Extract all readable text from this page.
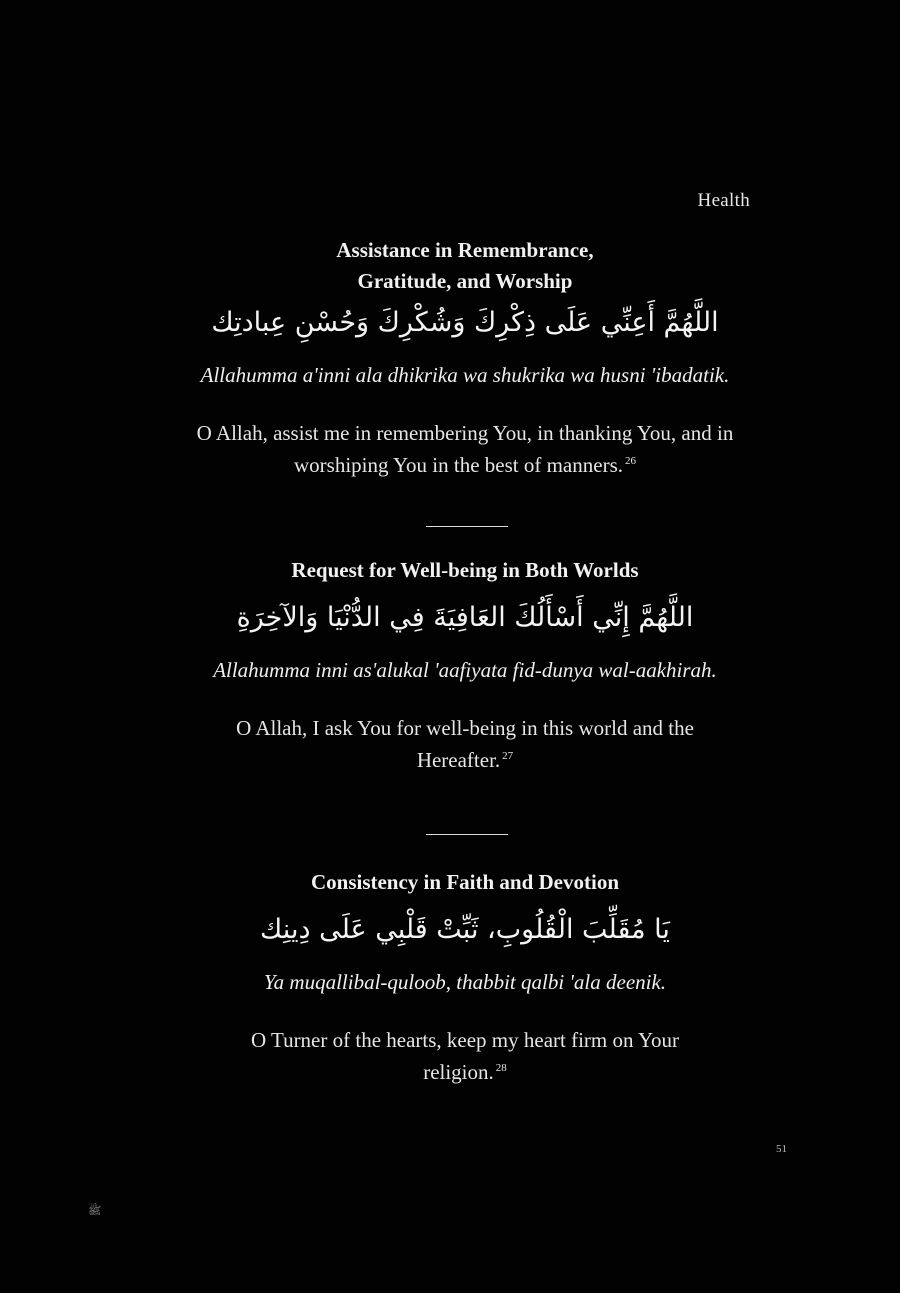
Health
Assistance in Remembrance,
Gratitude, and Worship
اللَّهُمَّ أَعِنِّي عَلَى ذِكْرِكَ وَشُكْرِكَ وَحُسْنِ عِبادتِك
Allahumma a'inni ala dhikrika wa shukrika wa husni 'ibadatik.
O Allah, assist me in remembering You, in thanking You, and in worshiping You in the best of manners. $^{26}$
Request for Well-being in Both Worlds
اللَّهُمَّ إِنِّي أَسْأَلُكَ العَافِيَةَ فِي الدُّنْيَا وَالآخِرَةِ
Allahumma inni as'alukal 'aafiyata fid-dunya wal-aakhirah.
O Allah, I ask You for well-being in this world and the Hereafter. $^{27}$
Consistency in Faith and Devotion
يَا مُقَلِّبَ الْقُلُوبِ، ثَبِّتْ قَلْبِي عَلَى دِينِك
Ya muqallibal-quloob, thabbit qalbi 'ala deenik.
O Turner of the hearts, keep my heart firm on Your religion. $^{28}$
51
ﷺ
